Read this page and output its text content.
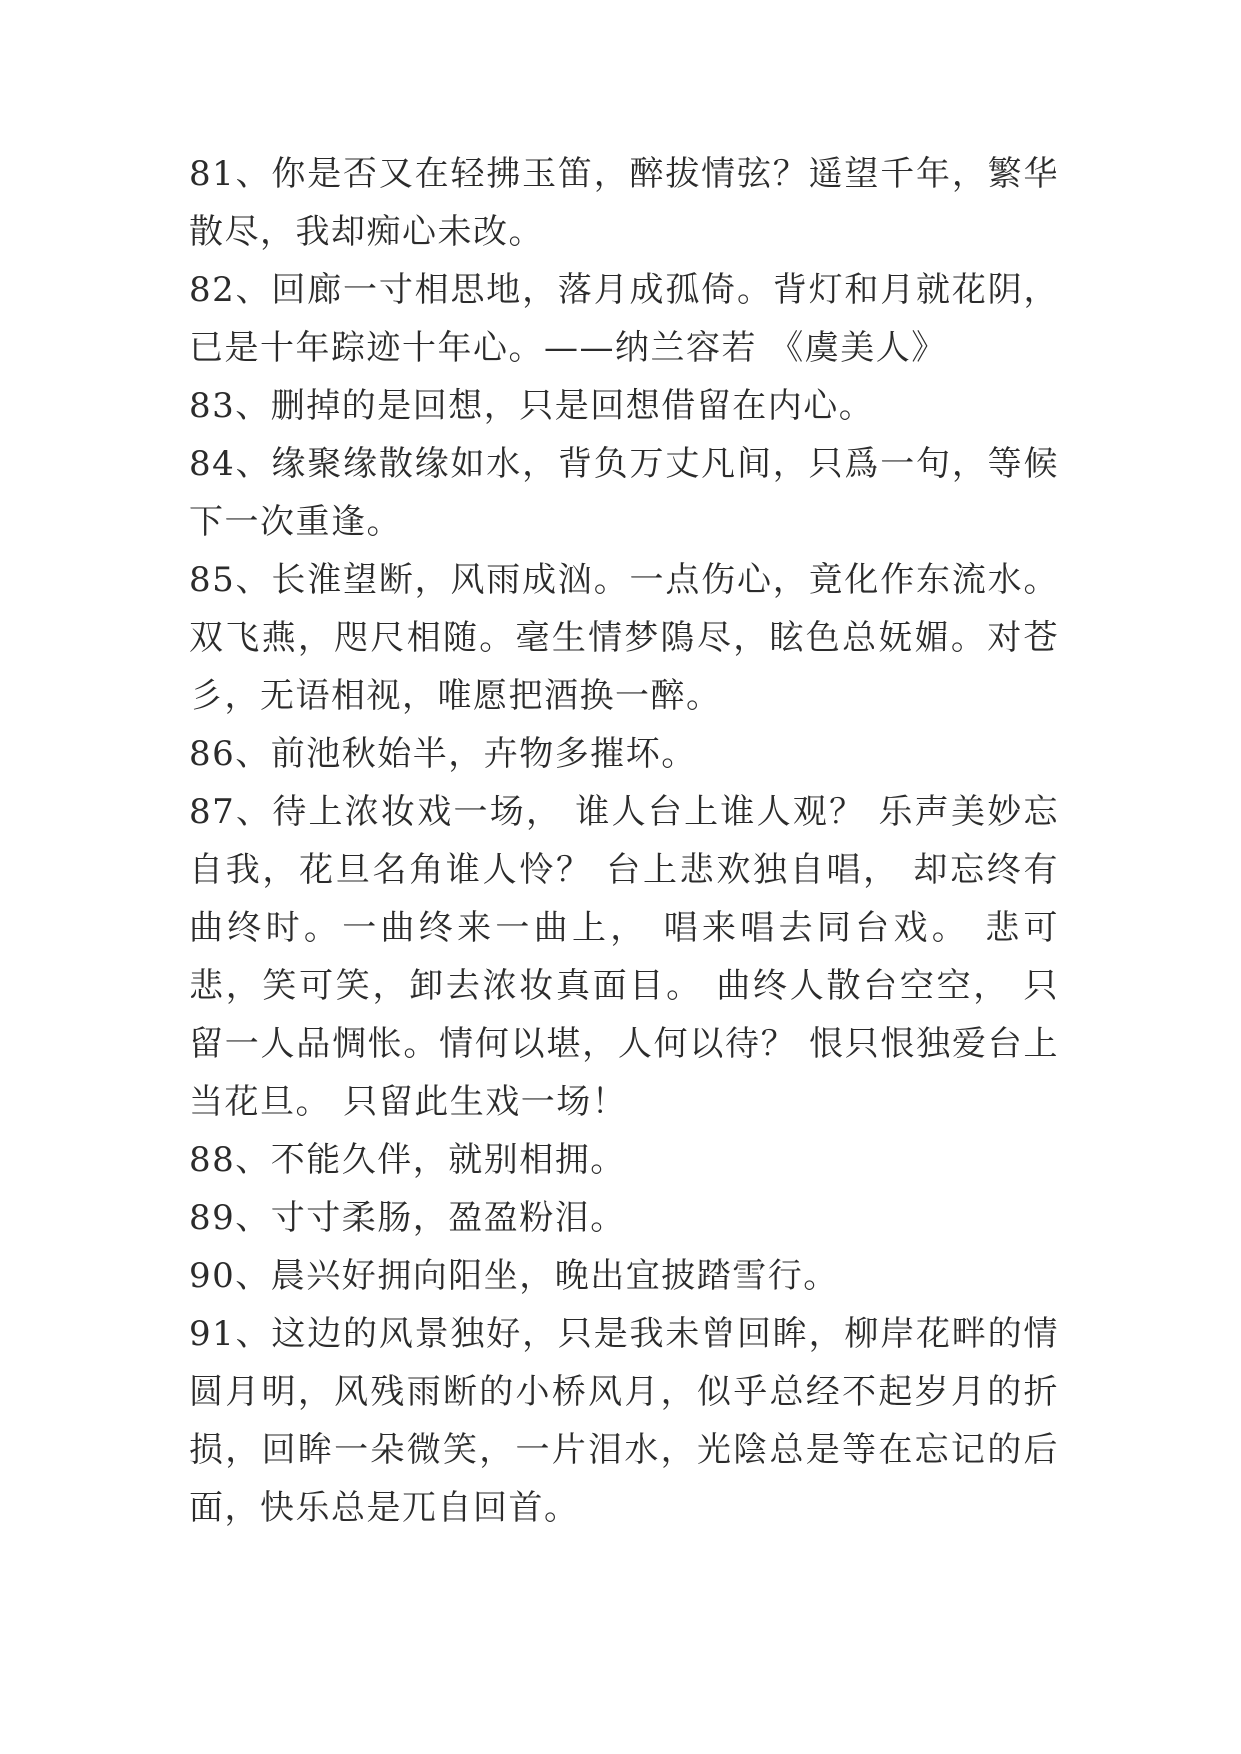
81、你是否又在轻拂玉笛，醉拔情弦？遥望千年，繁华散尽，我却痴心未改。

82、回廊一寸相思地，落月成孤倚。背灯和月就花阴，已是十年踪迹十年心。——纳兰容若 《虞美人》

83、删掉的是回想，只是回想借留在内心。

84、缘聚缘散缘如水，背负万丈凡间，只爲一句，等候下一次重逢。

85、长淮望断，风雨成汹。一点伤心，竟化作东流水。双飞燕，咫尺相随。毫生情梦隝尽，眩色总妩媚。对苍彡，无语相视，唯愿把酒换一醉。

86、前池秋始半，卉物多摧坏。

87、待上浓妆戏一场， 谁人台上谁人观？ 乐声美妙忘自我，花旦名角谁人怜？ 台上悲欢独自唱， 却忘终有曲终时。一曲终来一曲上， 唱来唱去同台戏。 悲可悲，笑可笑，卸去浓妆真面目。 曲终人散台空空， 只留一人品惆怅。情何以堪，人何以待？ 恨只恨独爱台上当花旦。 只留此生戏一场！

88、不能久伴，就别相拥。

89、寸寸柔肠，盈盈粉泪。

90、晨兴好拥向阳坐，晚出宜披踏雪行。

91、这边的风景独好，只是我未曾回眸，柳岸花畔的情圆月明，风残雨断的小桥风月，似乎总经不起岁月的折损，回眸一朵微笑，一片泪水，光陰总是等在忘记的后面，快乐总是兀自回首。
